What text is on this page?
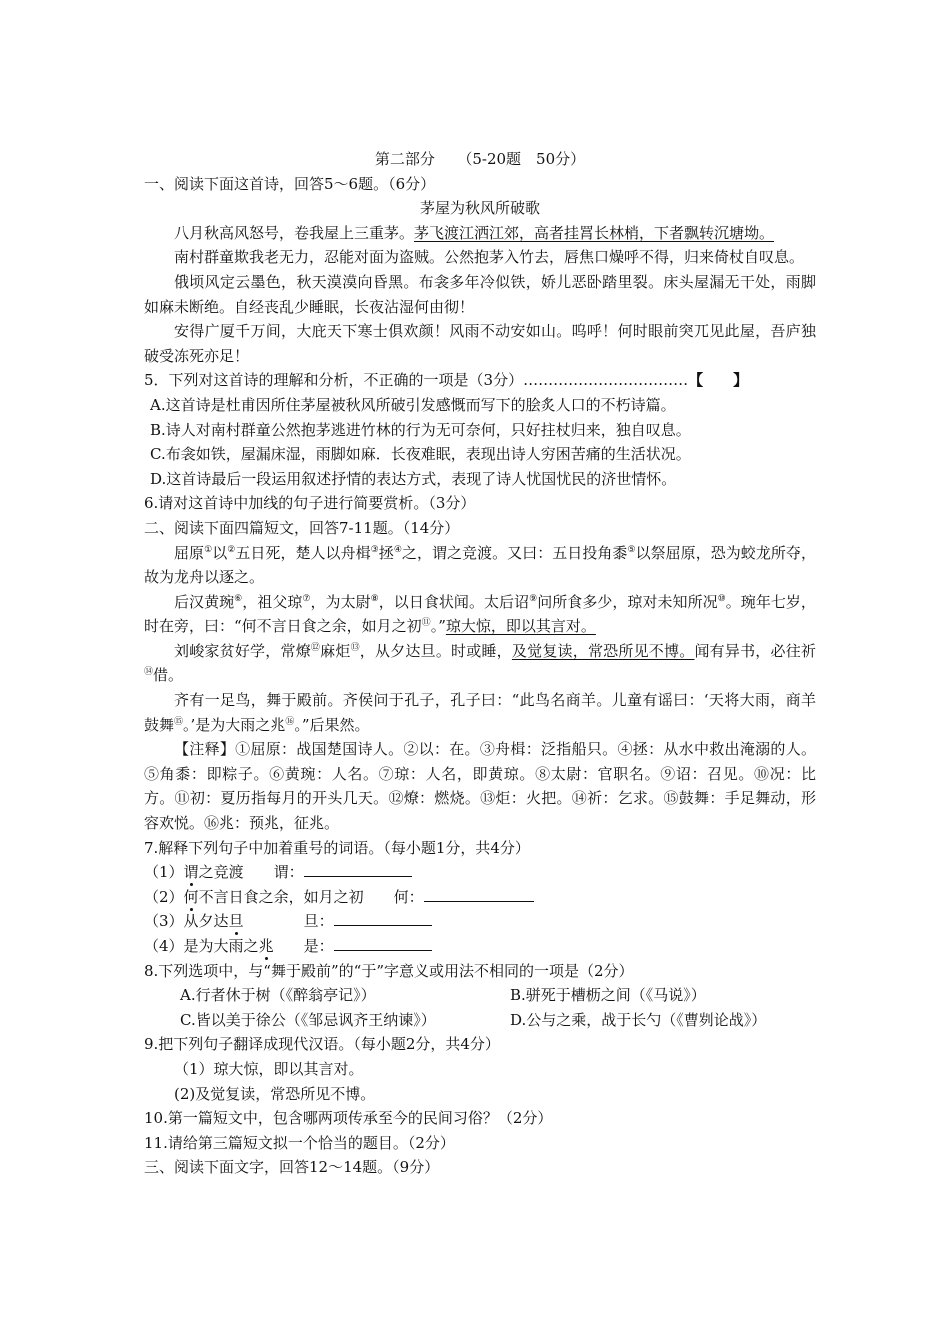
第二部分　　（5-20题　50分）
一、阅读下面这首诗，回答5～6题。（6分）
茅屋为秋风所破歌
八月秋高风怒号，卷我屋上三重茅。茅飞渡江洒江郊，高者挂罥长林梢，下者飘转沉塘坳。
南村群童欺我老无力，忍能对面为盗贼。公然抱茅入竹去，唇焦口燥呼不得，归来倚杖自叹息。
俄顷风定云墨色，秋天漠漠向昏黑。布衾多年冷似铁，娇儿恶卧踏里裂。床头屋漏无干处，雨脚如麻未断绝。自经丧乱少睡眠，长夜沾湿何由彻！
安得广厦千万间，大庇天下寒士俱欢颜！风雨不动安如山。呜呼！何时眼前突兀见此屋，吾庐独破受冻死亦足！
5．下列对这首诗的理解和分析，不正确的一项是（3分）……………………………【　　】
A.这首诗是杜甫因所住茅屋被秋风所破引发感慨而写下的脍炙人口的不朽诗篇。
B.诗人对南村群童公然抱茅逃进竹林的行为无可奈何，只好拄杖归来，独自叹息。
C.布衾如铁，屋漏床湿，雨脚如麻．长夜难眠，表现出诗人穷困苦痛的生活状况。
D.这首诗最后一段运用叙述抒情的表达方式，表现了诗人忧国忧民的济世情怀。
6.请对这首诗中加线的句子进行简要赏析。（3分）
二、阅读下面四篇短文，回答7-11题。（14分）
屈原①以②五日死，楚人以舟楫③拯④之，谓之竞渡。又曰：五日投角黍⑤以祭屈原，恐为蛟龙所夺，故为龙舟以逐之。
后汉黄琬⑥，祖父琼⑦，为太尉⑧，以日食状闻。太后诏⑨问所食多少，琼对未知所况⑩。琬年七岁，时在旁，曰：“何不言日食之余，如月之初⑪。”琼大惊，即以其言对。
刘峻家贫好学，常燎⑫麻炬⑬，从夕达旦。时或睡，及觉复读，常恐所见不博。闻有异书，必往祈⑭借。
齐有一足鸟，舞于殿前。齐侯问于孔子，孔子曰：“此鸟名商羊。儿童有谣曰：‘天将大雨，商羊鼓舞⑮。’是为大雨之兆⑯。”后果然。
【注释】①屈原：战国楚国诗人。②以：在。③舟楫：泛指船只。④拯：从水中救出淹溺的人。⑤角黍：即粽子。⑥黄琬：人名。⑦琼：人名，即黄琼。⑧太尉：官职名。⑨诏：召见。⑩况：比方。⑪初：夏历指每月的开头几天。⑫燎：燃烧。⑬炬：火把。⑭祈：乞求。⑮鼓舞：手足舞动，形容欢悦。⑯兆：预兆，征兆。
7.解释下列句子中加着重号的词语。（每小题1分，共4分）
（1）谓之竞渡　　 谓：
（2）何不言日食之余，如月之初　　 何：
（3）从夕达旦　　　　	旦：
（4）是为大雨之兆　　 是：
8.下列选项中，与“舞于殿前”的“于”字意义或用法不相同的一项是（2分）
A.行者休于树（《醉翁亭记》）	B.骈死于槽枥之间（《马说》）
C.皆以美于徐公（《邹忌讽齐王纳谏》）	D.公与之乘，战于长勺（《曹刿论战》）
9.把下列句子翻译成现代汉语。（每小题2分，共4分）
（1）琼大惊，即以其言对。
(2)及觉复读，常恐所见不博。
10.第一篇短文中，包含哪两项传承至今的民间习俗？（2分）
11.请给第三篇短文拟一个恰当的题目。（2分）
三、阅读下面文字，回答12～14题。（9分）
